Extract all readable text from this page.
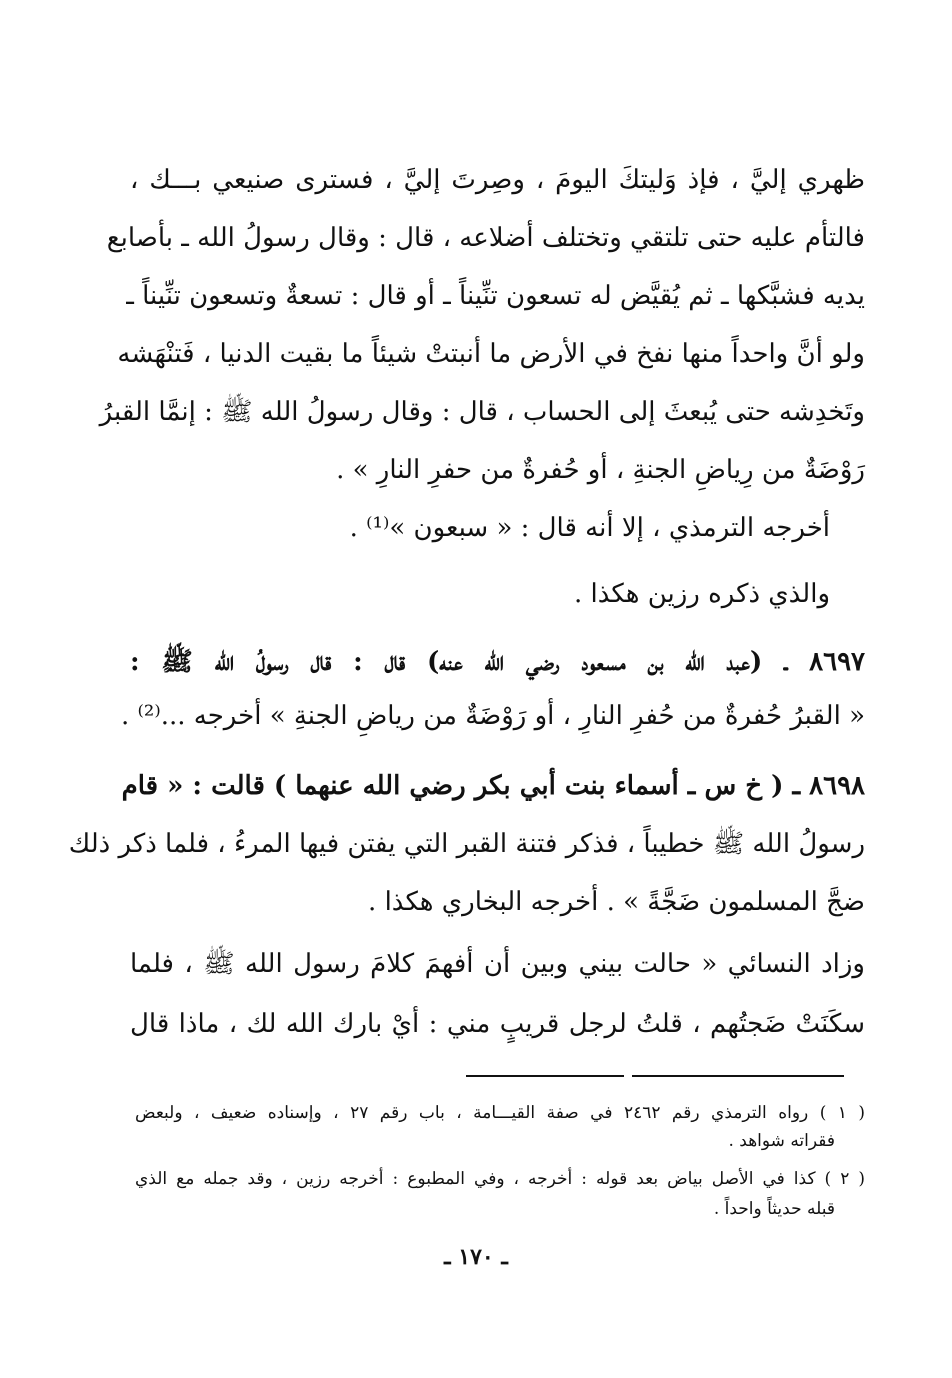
ظهري إليَّ ، فإذ وَليتكَ اليومَ ، وصِرتَ إليَّ ، فسترى صنيعي بـــك ،
فالتأم عليه حتى تلتقي وتختلف أضلاعه ، قال : وقال رسولُ الله ـ بأصابع
يديه فشبَّكها ـ ثم يُقيَّض له تسعون تنِّيناً ـ أو قال : تسعةٌ وتسعون تنِّيناً ـ
ولو أنَّ واحداً منها نفخ في الأرض ما أنبتتْ شيئاً ما بقيت الدنيا ، فَتنْهَشه
وتَخدِشه حتى يُبعثَ إلى الحساب ، قال : وقال رسولُ الله ﷺ : إنمَّا القبرُ
رَوْضَةٌ من رِياضِ الجنةِ ، أو حُفرةٌ من حفرِ النارِ » .
أخرجه الترمذي ، إلا أنه قال : « سبعون »⁽¹⁾ .
والذي ذكره رزين هكذا .
٨٦٩٧ ـ (عبد الله بن مسعود رضي الله عنه) قال : قال رسولُ الله ﷺ :
« القبرُ حُفرةٌ من حُفرِ النارِ ، أو رَوْضَةٌ من رياضِ الجنةِ » أخرجه ...⁽²⁾ .
٨٦٩٨ ـ ( خ س ـ أسماء بنت أبي بكر رضي الله عنهما ) قالت : « قام
رسولُ الله ﷺ خطيباً ، فذكر فتنة القبر التي يفتن فيها المرءُ ، فلما ذكر ذلك
ضجَّ المسلمون ضَجَّةً » . أخرجه البخاري هكذا .
وزاد النسائي « حالت بيني وبين أن أفهمَ كلامَ رسول الله ﷺ ، فلما
سكَنَتْ ضَجتُهم ، قلتُ لرجل قريبٍ مني : أيْ بارك الله لك ، ماذا قال
( ١ ) رواه الترمذي رقم ٢٤٦٢ في صفة القيـــامة ، باب رقم ٢٧ ، وإسناده ضعيف ، ولبعض
فقراته شواهد .
( ٢ ) كذا في الأصل بياض بعد قوله : أخرجه ، وفي المطبوع : أخرجه رزين ، وقد جمله مع الذي
قبله حديثاً واحداً .
ـ ١٧٠ ـ
